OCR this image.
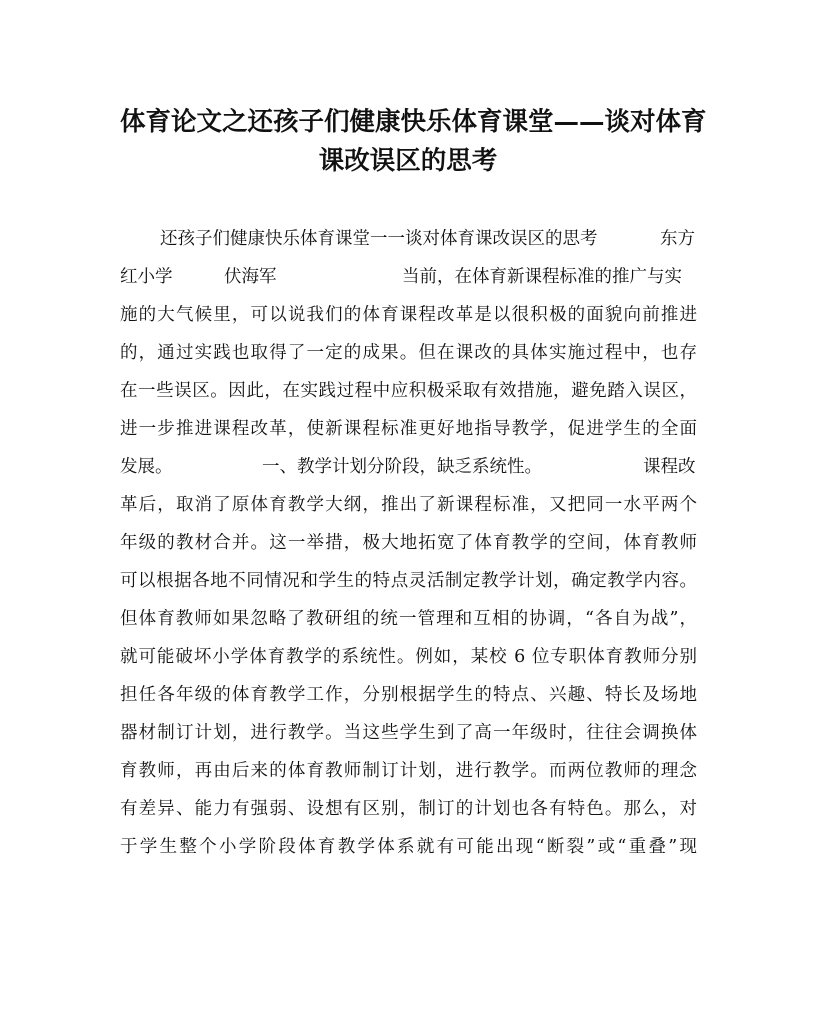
体育论文之还孩子们健康快乐体育课堂——谈对体育
课改误区的思考
还孩子们健康快乐体育课堂一一谈对体育课改误区的思考	东方
红小学	伏海军	当前，在体育新课程标准的推广与实
施的大气候里，可以说我们的体育课程改革是以很积极的面貌向前推进
的，通过实践也取得了一定的成果。但在课改的具体实施过程中，也存
在一些误区。因此，在实践过程中应积极采取有效措施，避免踏入误区，
进一步推进课程改革，使新课程标准更好地指导教学，促进学生的全面
发展。	一、教学计划分阶段，缺乏系统性。	课程改
革后，取消了原体育教学大纲，推出了新课程标准，又把同一水平两个
年级的教材合并。这一举措，极大地拓宽了体育教学的空间，体育教师
可以根据各地不同情况和学生的特点灵活制定教学计划，确定教学内容。
但体育教师如果忽略了教研组的统一管理和互相的协调，“各自为战”，
就可能破坏小学体育教学的系统性。例如，某校 6 位专职体育教师分别
担任各年级的体育教学工作，分别根据学生的特点、兴趣、特长及场地
器材制订计划，进行教学。当这些学生到了高一年级时，往往会调换体
育教师，再由后来的体育教师制订计划，进行教学。而两位教师的理念
有差异、能力有强弱、设想有区别，制订的计划也各有特色。那么，对
于学生整个小学阶段体育教学体系就有可能出现“断裂”或“重叠”现
